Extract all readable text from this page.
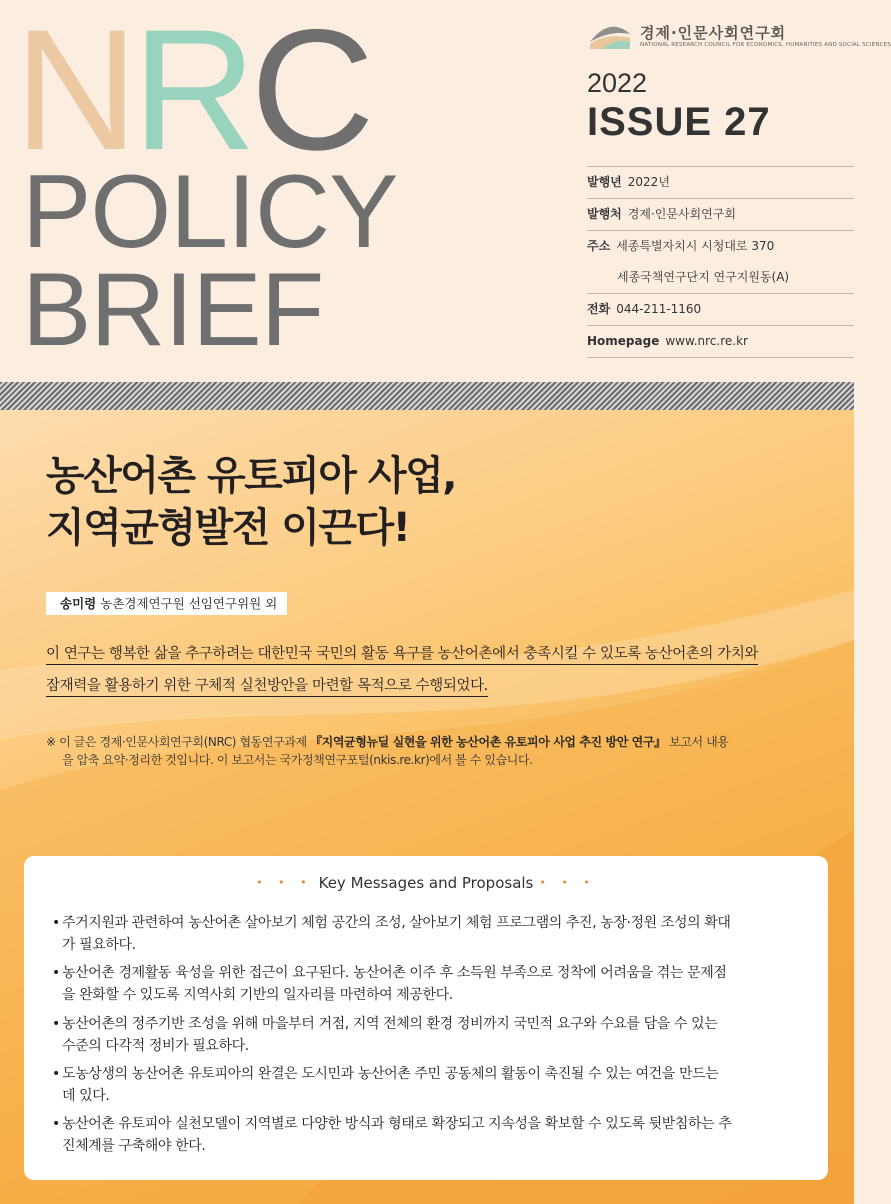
NRC
POLICY
BRIEF
경제·인문사회연구회
NATIONAL RESEARCH COUNCIL FOR ECONOMICS, HUMANITIES AND SOCIAL SCIENCES
2022
ISSUE 27
발행년 2022년
발행처 경제·인문사회연구회
주소 세종특별자치시 시청대로 370
세종국책연구단지 연구지원동(A)
전화 044-211-1160
Homepage www.nrc.re.kr
농산어촌 유토피아 사업,
지역균형발전 이끈다!
송미령 농촌경제연구원 선임연구위원 외
이 연구는 행복한 삶을 추구하려는 대한민국 국민의 활동 욕구를 농산어촌에서 충족시킬 수 있도록 농산어촌의 가치와
잠재력을 활용하기 위한 구체적 실천방안을 마련할 목적으로 수행되었다.
※ 이 글은 경제·인문사회연구회(NRC) 협동연구과제 『지역균형뉴딜 실현을 위한 농산어촌 유토피아 사업 추진 방안 연구』 보고서 내용
을 압축 요약·정리한 것입니다. 이 보고서는 국가정책연구포털(nkis.re.kr)에서 볼 수 있습니다.
• • • Key Messages and Proposals • • •
• 주거지원과 관련하여 농산어촌 살아보기 체험 공간의 조성, 살아보기 체험 프로그램의 추진, 농장·정원 조성의 확대
가 필요하다.
• 농산어촌 경제활동 육성을 위한 접근이 요구된다. 농산어촌 이주 후 소득원 부족으로 정착에 어려움을 겪는 문제점
을 완화할 수 있도록 지역사회 기반의 일자리를 마련하여 제공한다.
• 농산어촌의 정주기반 조성을 위해 마을부터 거점, 지역 전체의 환경 정비까지 국민적 요구와 수요를 담을 수 있는
수준의 다각적 정비가 필요하다.
• 도농상생의 농산어촌 유토피아의 완결은 도시민과 농산어촌 주민 공동체의 활동이 촉진될 수 있는 여건을 만드는
데 있다.
• 농산어촌 유토피아 실천모델이 지역별로 다양한 방식과 형태로 확장되고 지속성을 확보할 수 있도록 뒷받침하는 추
진체계를 구축해야 한다.
